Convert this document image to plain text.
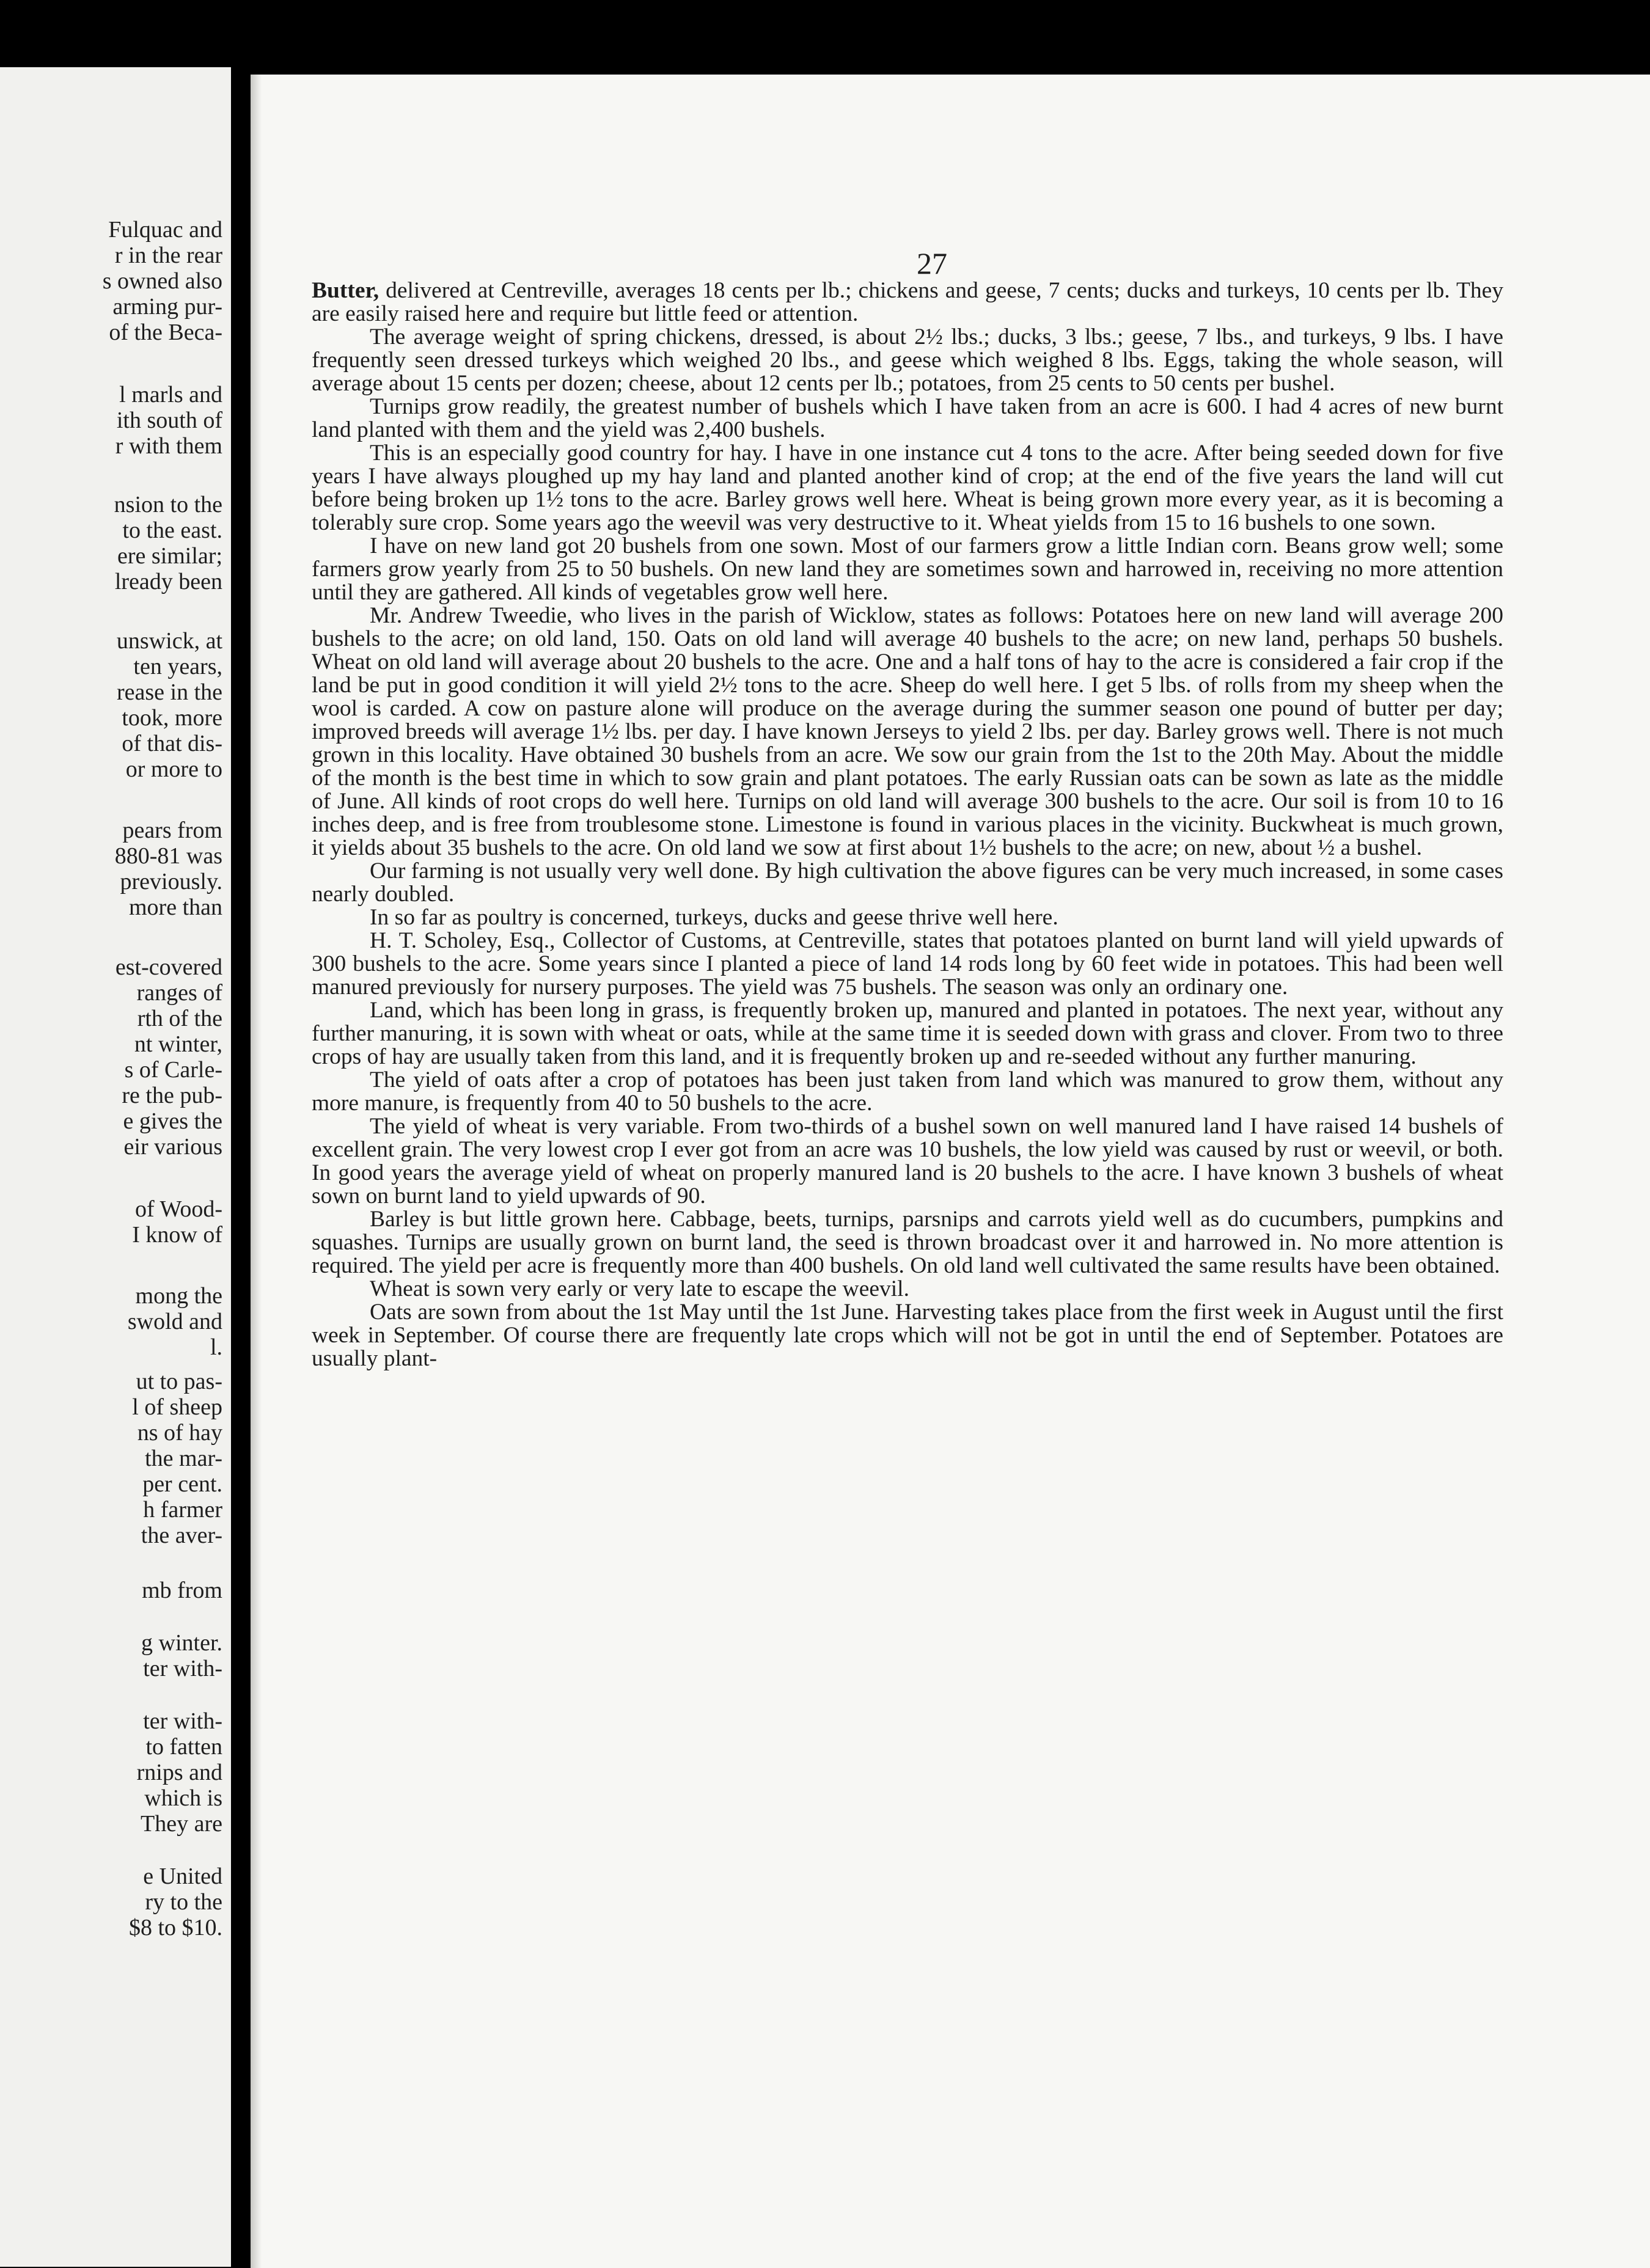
Fulquac and
r in the rear
s owned also
arming pur-
of the Beca-
l marls and
ith south of
r with them
nsion to the
to the east.
ere similar;
lready been
unswick, at
ten years,
rease in the
took, more
of that dis-
or more to
pears from
880-81 was
previously.
more than
est-covered
ranges of
rth of the
nt winter,
s of Carle-
re the pub-
e gives the
eir various
of Wood-
I know of
mong the
swold and
l.
ut to pas-
l of sheep
ns of hay
the mar-
per cent.
h farmer
the aver-
mb from
g winter.
ter with-
ter with-
to fatten
rnips and
which is
They are
e United
ry to the
$8 to $10.
27

Butter, delivered at Centreville, averages 18 cents per lb.; chickens and geese, 7 cents; ducks and turkeys, 10 cents per lb. They are easily raised here and require but little feed or attention.

The average weight of spring chickens, dressed, is about 2½ lbs.; ducks, 3 lbs.; geese, 7 lbs., and turkeys, 9 lbs. I have frequently seen dressed turkeys which weighed 20 lbs., and geese which weighed 8 lbs. Eggs, taking the whole season, will average about 15 cents per dozen; cheese, about 12 cents per lb.; potatoes, from 25 cents to 50 cents per bushel.

Turnips grow readily, the greatest number of bushels which I have taken from an acre is 600. I had 4 acres of new burnt land planted with them and the yield was 2,400 bushels.

This is an especially good country for hay. I have in one instance cut 4 tons to the acre. After being seeded down for five years I have always ploughed up my hay land and planted another kind of crop; at the end of the five years the land will cut before being broken up 1½ tons to the acre. Barley grows well here. Wheat is being grown more every year, as it is becoming a tolerably sure crop. Some years ago the weevil was very destructive to it. Wheat yields from 15 to 16 bushels to one sown.

I have on new land got 20 bushels from one sown. Most of our farmers grow a little Indian corn. Beans grow well; some farmers grow yearly from 25 to 50 bushels. On new land they are sometimes sown and harrowed in, receiving no more attention until they are gathered. All kinds of vegetables grow well here.

Mr. Andrew Tweedie, who lives in the parish of Wicklow, states as follows: Potatoes here on new land will average 200 bushels to the acre; on old land, 150. Oats on old land will average 40 bushels to the acre; on new land, perhaps 50 bushels. Wheat on old land will average about 20 bushels to the acre. One and a half tons of hay to the acre is considered a fair crop if the land be put in good condition it will yield 2½ tons to the acre. Sheep do well here. I get 5 lbs. of rolls from my sheep when the wool is carded. A cow on pasture alone will produce on the average during the summer season one pound of butter per day; improved breeds will average 1½ lbs. per day. I have known Jerseys to yield 2 lbs. per day. Barley grows well. There is not much grown in this locality. Have obtained 30 bushels from an acre. We sow our grain from the 1st to the 20th May. About the middle of the month is the best time in which to sow grain and plant potatoes. The early Russian oats can be sown as late as the middle of June. All kinds of root crops do well here. Turnips on old land will average 300 bushels to the acre. Our soil is from 10 to 16 inches deep, and is free from troublesome stone. Limestone is found in various places in the vicinity. Buckwheat is much grown, it yields about 35 bushels to the acre. On old land we sow at first about 1½ bushels to the acre; on new, about ½ a bushel.

Our farming is not usually very well done. By high cultivation the above figures can be very much increased, in some cases nearly doubled.

In so far as poultry is concerned, turkeys, ducks and geese thrive well here.

H. T. Scholey, Esq., Collector of Customs, at Centreville, states that potatoes planted on burnt land will yield upwards of 300 bushels to the acre. Some years since I planted a piece of land 14 rods long by 60 feet wide in potatoes. This had been well manured previously for nursery purposes. The yield was 75 bushels. The season was only an ordinary one.

Land, which has been long in grass, is frequently broken up, manured and planted in potatoes. The next year, without any further manuring, it is sown with wheat or oats, while at the same time it is seeded down with grass and clover. From two to three crops of hay are usually taken from this land, and it is frequently broken up and re-seeded without any further manuring.

The yield of oats after a crop of potatoes has been just taken from land which was manured to grow them, without any more manure, is frequently from 40 to 50 bushels to the acre.

The yield of wheat is very variable. From two-thirds of a bushel sown on well manured land I have raised 14 bushels of excellent grain. The very lowest crop I ever got from an acre was 10 bushels, the low yield was caused by rust or weevil, or both. In good years the average yield of wheat on properly manured land is 20 bushels to the acre. I have known 3 bushels of wheat sown on burnt land to yield upwards of 90.

Barley is but little grown here. Cabbage, beets, turnips, parsnips and carrots yield well as do cucumbers, pumpkins and squashes. Turnips are usually grown on burnt land, the seed is thrown broadcast over it and harrowed in. No more attention is required. The yield per acre is frequently more than 400 bushels. On old land well cultivated the same results have been obtained.

Wheat is sown very early or very late to escape the weevil.

Oats are sown from about the 1st May until the 1st June. Harvesting takes place from the first week in August until the first week in September. Of course there are frequently late crops which will not be got in until the end of September. Potatoes are usually plant-
